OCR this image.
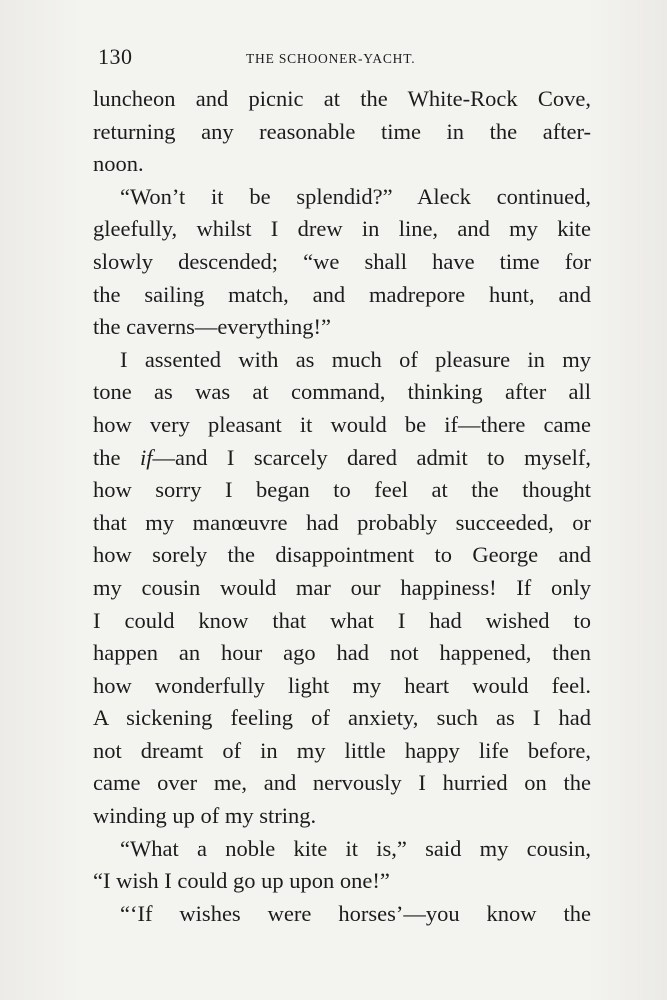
130	THE SCHOONER-YACHT.
luncheon and picnic at the White-Rock Cove,
returning any reasonable time in the after-
noon.
“Won’t it be splendid?” Aleck continued,
gleefully, whilst I drew in line, and my kite
slowly descended; “we shall have time for
the sailing match, and madrepore hunt, and
the caverns—everything!”
I assented with as much of pleasure in my
tone as was at command, thinking after all
how very pleasant it would be if—there came
the if—and I scarcely dared admit to myself,
how sorry I began to feel at the thought
that my manœuvre had probably succeeded, or
how sorely the disappointment to George and
my cousin would mar our happiness! If only
I could know that what I had wished to
happen an hour ago had not happened, then
how wonderfully light my heart would feel.
A sickening feeling of anxiety, such as I had
not dreamt of in my little happy life before,
came over me, and nervously I hurried on the
winding up of my string.
“What a noble kite it is,” said my cousin,
“I wish I could go up upon one!”
“‘If wishes were horses’—you know the
